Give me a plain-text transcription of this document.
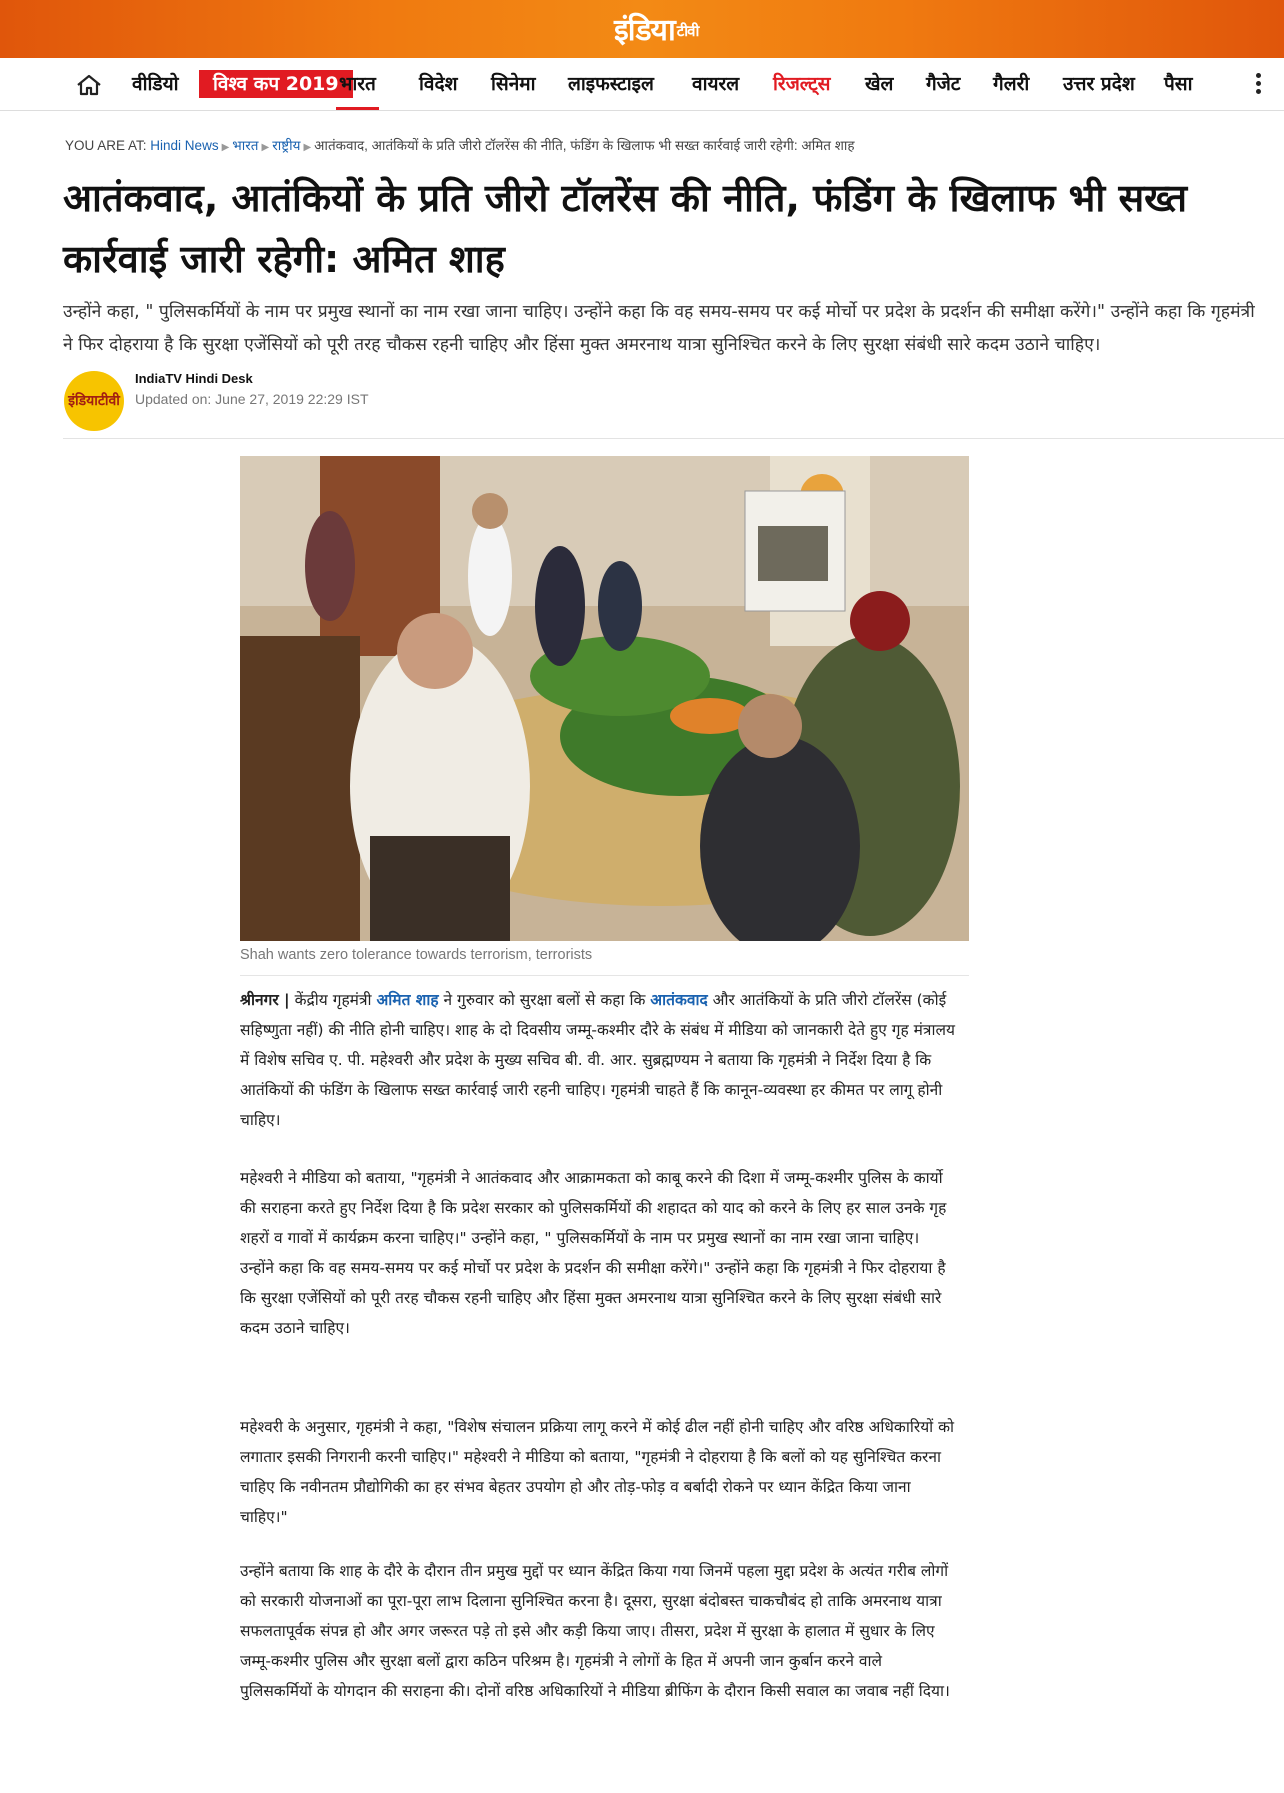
इंडिया $^{टीवी}$
वीडियो	विश्व कप 2019 भारत विदेश सिनेमा लाइफस्टाइल वायरल रिजल्ट्स खेल गैजेट गैलरी उत्तर प्रदेश पैसा
YOU ARE AT: Hindi News ▶ भारत ▶ राष्ट्रीय ▶ आतंकवाद, आतंकियों के प्रति जीरो टॉलरेंस की नीति, फंडिंग के खिलाफ भी सख्त कार्रवाई जारी रहेगी: अमित शाह
आतंकवाद, आतंकियों के प्रति जीरो टॉलरेंस की नीति, फंडिंग के खिलाफ भी सख्त कार्रवाई जारी रहेगी: अमित शाह
उन्होंने कहा, " पुलिसकर्मियों के नाम पर प्रमुख स्थानों का नाम रखा जाना चाहिए। उन्होंने कहा कि वह समय-समय पर कई मोर्चो पर प्रदेश के प्रदर्शन की समीक्षा करेंगे।" उन्होंने कहा कि गृहमंत्री ने फिर दोहराया है कि सुरक्षा एजेंसियों को पूरी तरह चौकस रहनी चाहिए और हिंसा मुक्त अमरनाथ यात्रा सुनिश्चित करने के लिए सुरक्षा संबंधी सारे कदम उठाने चाहिए।
इंडियाटीवी
IndiaTV Hindi Desk
Updated on: June 27, 2019 22:29 IST
Shah wants zero tolerance towards terrorism, terrorists

श्रीनगर | केंद्रीय गृहमंत्री अमित शाह ने गुरुवार को सुरक्षा बलों से कहा कि आतंकवाद और आतंकियों के प्रति जीरो टॉलरेंस (कोई सहिष्णुता नहीं) की नीति होनी चाहिए। शाह के दो दिवसीय जम्मू-कश्मीर दौरे के संबंध में मीडिया को जानकारी देते हुए गृह मंत्रालय में विशेष सचिव ए. पी. महेश्वरी और प्रदेश के मुख्य सचिव बी. वी. आर. सुब्रह्मण्यम ने बताया कि गृहमंत्री ने निर्देश दिया है कि आतंकियों की फंडिंग के खिलाफ सख्त कार्रवाई जारी रहनी चाहिए। गृहमंत्री चाहते हैं कि कानून-व्यवस्था हर कीमत पर लागू होनी चाहिए।

महेश्वरी ने मीडिया को बताया, "गृहमंत्री ने आतंकवाद और आक्रामकता को काबू करने की दिशा में जम्मू-कश्मीर पुलिस के कार्यो की सराहना करते हुए निर्देश दिया है कि प्रदेश सरकार को पुलिसकर्मियों की शहादत को याद को करने के लिए हर साल उनके गृह शहरों व गावों में कार्यक्रम करना चाहिए।" उन्होंने कहा, " पुलिसकर्मियों के नाम पर प्रमुख स्थानों का नाम रखा जाना चाहिए। उन्होंने कहा कि वह समय-समय पर कई मोर्चो पर प्रदेश के प्रदर्शन की समीक्षा करेंगे।" उन्होंने कहा कि गृहमंत्री ने फिर दोहराया है कि सुरक्षा एजेंसियों को पूरी तरह चौकस रहनी चाहिए और हिंसा मुक्त अमरनाथ यात्रा सुनिश्चित करने के लिए सुरक्षा संबंधी सारे कदम उठाने चाहिए।

महेश्वरी के अनुसार, गृहमंत्री ने कहा, "विशेष संचालन प्रक्रिया लागू करने में कोई ढील नहीं होनी चाहिए और वरिष्ठ अधिकारियों को लगातार इसकी निगरानी करनी चाहिए।" महेश्वरी ने मीडिया को बताया, "गृहमंत्री ने दोहराया है कि बलों को यह सुनिश्चित करना चाहिए कि नवीनतम प्रौद्योगिकी का हर संभव बेहतर उपयोग हो और तोड़-फोड़ व बर्बादी रोकने पर ध्यान केंद्रित किया जाना चाहिए।"

उन्होंने बताया कि शाह के दौरे के दौरान तीन प्रमुख मुद्दों पर ध्यान केंद्रित किया गया जिनमें पहला मुद्दा प्रदेश के अत्यंत गरीब लोगों को सरकारी योजनाओं का पूरा-पूरा लाभ दिलाना सुनिश्चित करना है। दूसरा, सुरक्षा बंदोबस्त चाकचौबंद हो ताकि अमरनाथ यात्रा सफलतापूर्वक संपन्न हो और अगर जरूरत पड़े तो इसे और कड़ी किया जाए। तीसरा, प्रदेश में सुरक्षा के हालात में सुधार के लिए जम्मू-कश्मीर पुलिस और सुरक्षा बलों द्वारा कठिन परिश्रम है। गृहमंत्री ने लोगों के हित में अपनी जान कुर्बान करने वाले पुलिसकर्मियों के योगदान की सराहना की। दोनों वरिष्ठ अधिकारियों ने मीडिया ब्रीफिंग के दौरान किसी सवाल का जवाब नहीं दिया।
